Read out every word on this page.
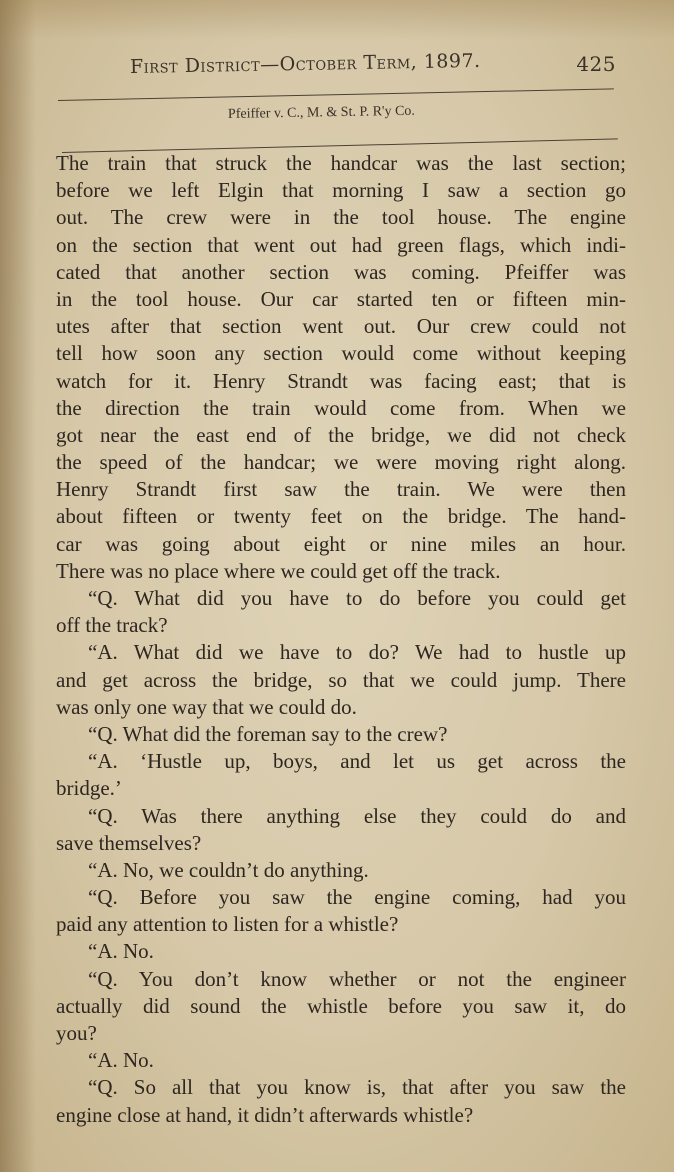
First District—October Term, 1897.	425
Pfeiffer v. C., M. & St. P. R'y Co.
The train that struck the handcar was the last section;
before we left Elgin that morning I saw a section go
out. The crew were in the tool house. The engine
on the section that went out had green flags, which indi-
cated that another section was coming. Pfeiffer was
in the tool house. Our car started ten or fifteen min-
utes after that section went out. Our crew could not
tell how soon any section would come without keeping
watch for it. Henry Strandt was facing east; that is
the direction the train would come from. When we
got near the east end of the bridge, we did not check
the speed of the handcar; we were moving right along.
Henry Strandt first saw the train. We were then
about fifteen or twenty feet on the bridge. The hand-
car was going about eight or nine miles an hour.
There was no place where we could get off the track.
“Q. What did you have to do before you could get
off the track?
“A. What did we have to do? We had to hustle up
and get across the bridge, so that we could jump. There
was only one way that we could do.
“Q. What did the foreman say to the crew?
“A. ‘Hustle up, boys, and let us get across the
bridge.’
“Q. Was there anything else they could do and
save themselves?
“A. No, we couldn’t do anything.
“Q. Before you saw the engine coming, had you
paid any attention to listen for a whistle?
“A. No.
“Q. You don’t know whether or not the engineer
actually did sound the whistle before you saw it, do
you?
“A. No.
“Q. So all that you know is, that after you saw the
engine close at hand, it didn’t afterwards whistle?
